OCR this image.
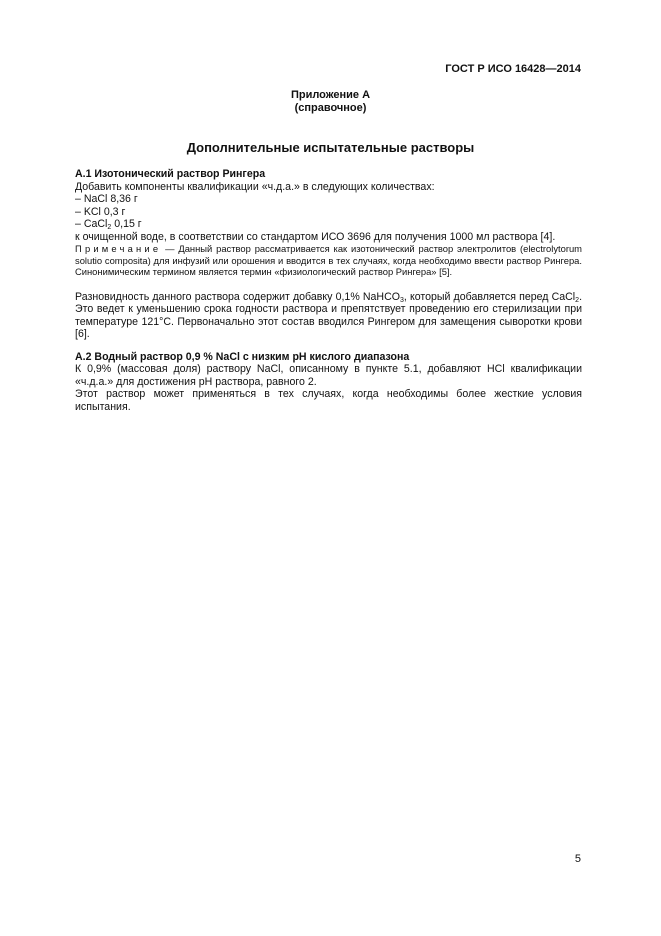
ГОСТ Р ИСО 16428—2014
Приложение А
(справочное)
Дополнительные испытательные растворы
А.1 Изотонический раствор Рингера
Добавить компоненты квалификации «ч.д.а.» в следующих количествах:
– NaCl 8,36 г
– KCl 0,3 г
– CaCl$_2$ 0,15 г
к очищенной воде, в соответствии со стандартом ИСО 3696 для получения 1000 мл раствора [4].
Примечание — Данный раствор рассматривается как изотонический раствор электролитов (electrolytorum solutio composita) для инфузий или орошения и вводится в тех случаях, когда необходимо ввести раствор Рингера. Синонимическим термином является термин «физиологический раствор Рингера» [5].
Разновидность данного раствора содержит добавку 0,1% NaHCO$_3$, который добавляется перед CaCl$_2$. Это ведет к уменьшению срока годности раствора и препятствует проведению его стерилизации при температуре 121°C. Первоначально этот состав вводился Рингером для замещения сыворотки крови [6].
А.2 Водный раствор 0,9 % NaCl с низким рН кислого диапазона
К 0,9% (массовая доля) раствору NaCl, описанному в пункте 5.1, добавляют HCl квалификации «ч.д.а.» для достижения рН раствора, равного 2.
Этот раствор может применяться в тех случаях, когда необходимы более жесткие условия испытания.
5
